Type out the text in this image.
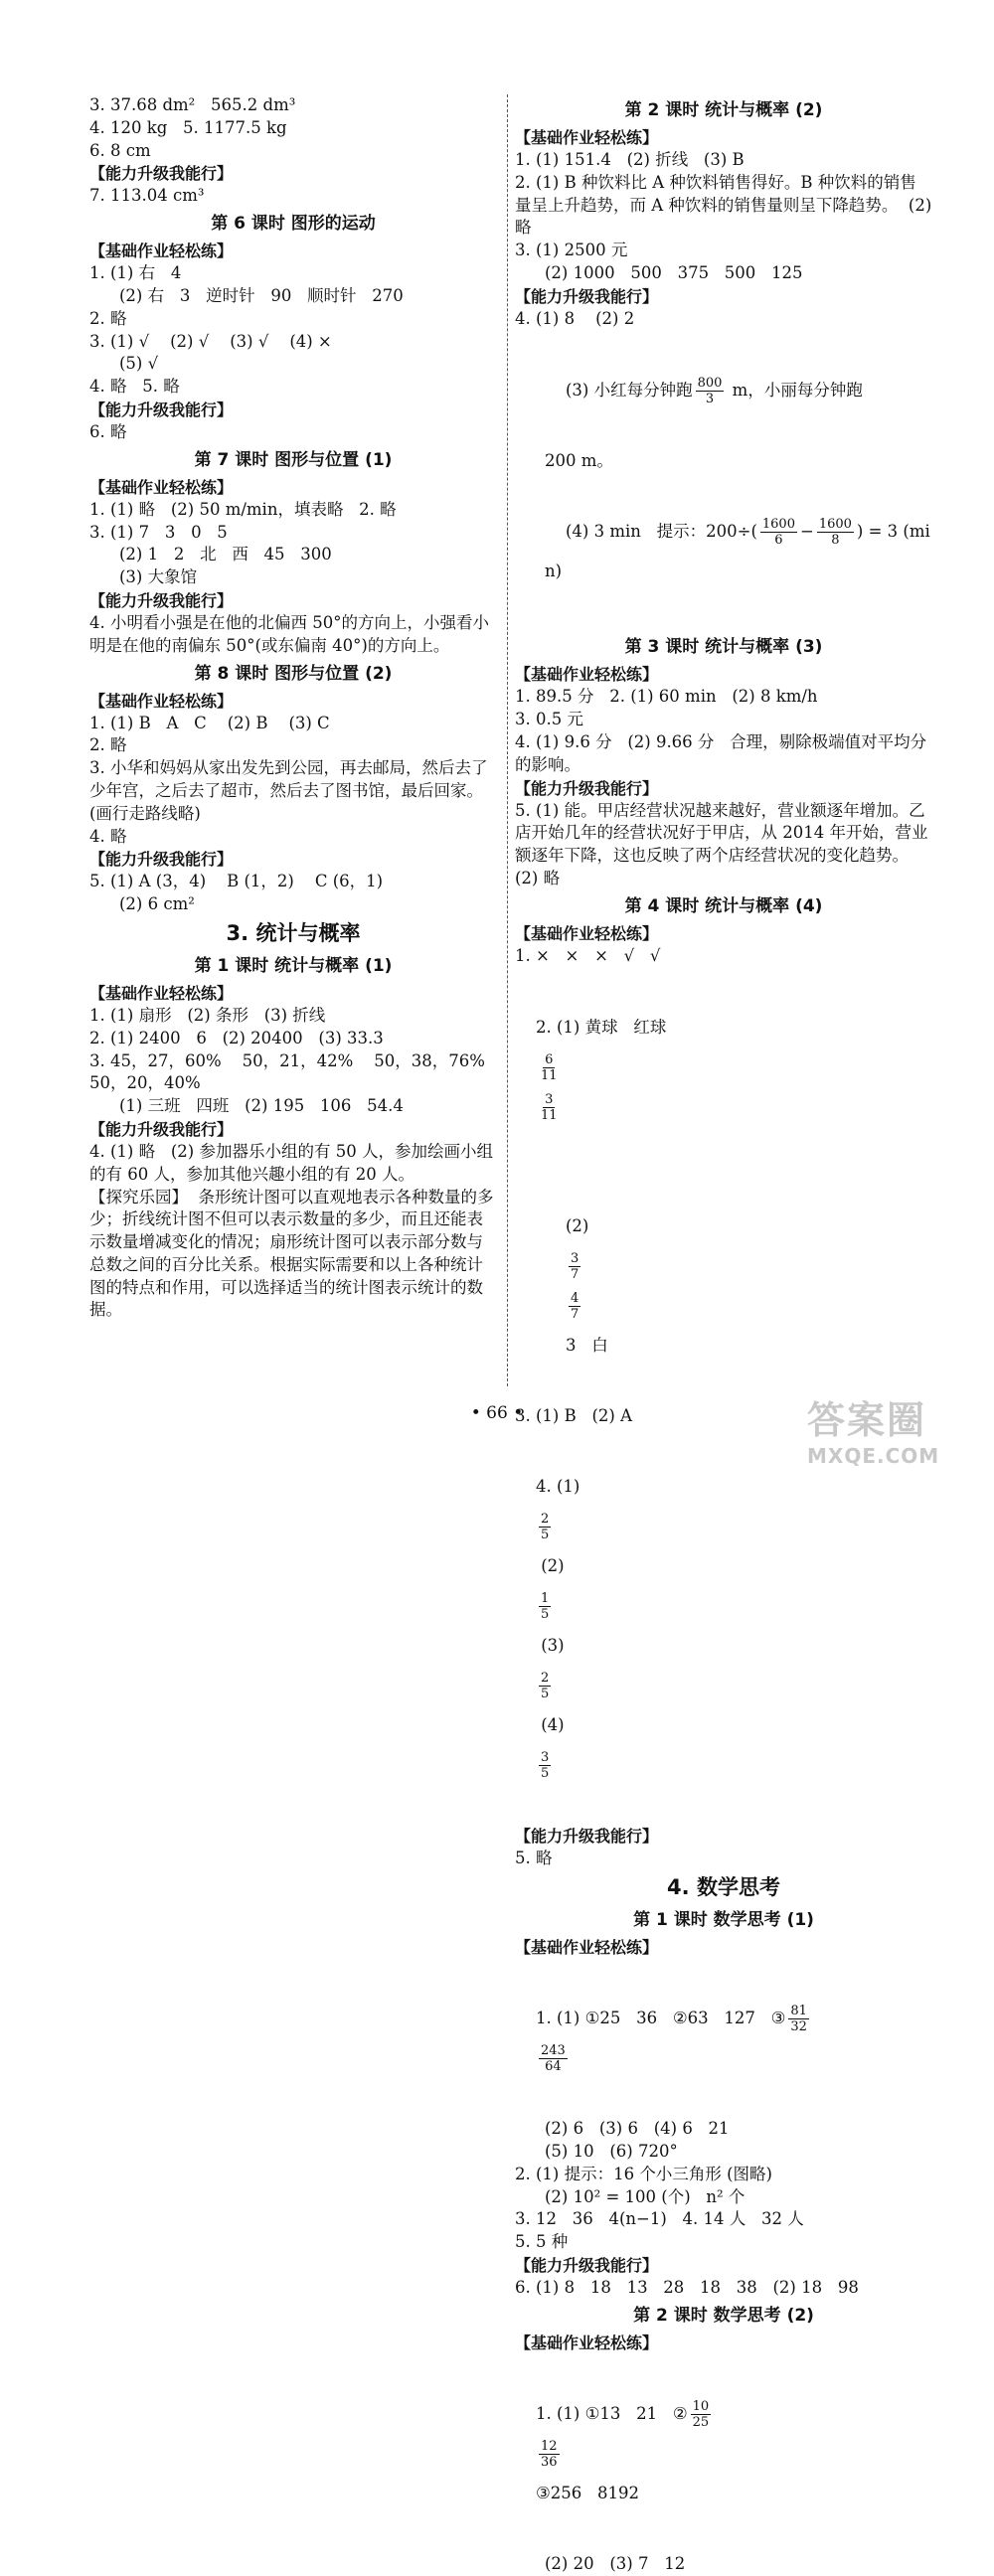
3. 37.68 dm²   565.2 dm³
4. 120 kg   5. 1177.5 kg
6. 8 cm
【能力升级我能行】
7. 113.04 cm³
第 6 课时 图形的运动
【基础作业轻松练】
1. (1) 右   4
(2) 右   3   逆时针   90   顺时针   270
2. 略
3. (1) √    (2) √    (3) √    (4) ×
(5) √
4. 略   5. 略
【能力升级我能行】
6. 略
第 7 课时 图形与位置 (1)
【基础作业轻松练】
1. (1) 略   (2) 50 m/min，填表略   2. 略
3. (1) 7   3   0   5
(2) 1   2   北   西   45   300
(3) 大象馆
【能力升级我能行】
4. 小明看小强是在他的北偏西 50°的方向上，小强看小明是在他的南偏东 50°(或东偏南 40°)的方向上。
第 8 课时 图形与位置 (2)
【基础作业轻松练】
1. (1) B   A   C    (2) B    (3) C
2. 略
3. 小华和妈妈从家出发先到公园，再去邮局，然后去了少年宫，之后去了超市，然后去了图书馆，最后回家。(画行走路线略)
4. 略
【能力升级我能行】
5. (1) A (3，4)    B (1，2)    C (6，1)
(2) 6 cm²
3. 统计与概率
第 1 课时 统计与概率 (1)
【基础作业轻松练】
1. (1) 扇形   (2) 条形   (3) 折线
2. (1) 2400   6   (2) 20400   (3) 33.3
3. 45，27，60%    50，21，42%    50，38，76%    50，20，40%
(1) 三班   四班   (2) 195   106   54.4
【能力升级我能行】
4. (1) 略   (2) 参加器乐小组的有 50 人，参加绘画小组的有 60 人，参加其他兴趣小组的有 20 人。
【探究乐园】  条形统计图可以直观地表示各种数量的多少；折线统计图不但可以表示数量的多少，而且还能表示数量增减变化的情况；扇形统计图可以表示部分数与总数之间的百分比关系。根据实际需要和以上各种统计图的特点和作用，可以选择适当的统计图表示统计的数据。
第 2 课时 统计与概率 (2)
【基础作业轻松练】
1. (1) 151.4   (2) 折线   (3) B
2. (1) B 种饮料比 A 种饮料销售得好。B 种饮料的销售量呈上升趋势，而 A 种饮料的销售量则呈下降趋势。  (2) 略
3. (1) 2500 元
(2) 1000   500   375   500   125
【能力升级我能行】
4. (1) 8    (2) 2

(3) 小红每分钟跑 $\frac{800}{3}$ m，小丽每分钟跑

200 m。

(4) 3 min   提示：$200\div( \frac{1600}{6} - \frac{1600}{8}$ ) = 3 (min)

第 3 课时 统计与概率 (3)
【基础作业轻松练】
1. 89.5 分   2. (1) 60 min   (2) 8 km/h
3. 0.5 元
4. (1) 9.6 分   (2) 9.66 分   合理，剔除极端值对平均分的影响。
【能力升级我能行】
5. (1) 能。甲店经营状况越来越好，营业额逐年增加。乙店开始几年的经营状况好于甲店，从 2014 年开始，营业额逐年下降，这也反映了两个店经营状况的变化趋势。  (2) 略
第 4 课时 统计与概率 (4)
【基础作业轻松练】
1. ×   ×   ×   √   √

2. (1) 黄球   红球

$\frac{6}{11}$

$\frac{3}{11}$

(2)

$\frac{3}{7}$

$\frac{4}{7}$

3   白

3. (1) B   (2) A

4. (1)

$\frac{2}{5}$

(2)

$\frac{1}{5}$

(3)

$\frac{2}{5}$

(4)

$\frac{3}{5}$

【能力升级我能行】
5. 略
4. 数学思考
第 1 课时 数学思考 (1)
【基础作业轻松练】

1. (1) ①25   36   ②63   127   ③ $\frac{81}{32}$

$\frac{243}{64}$

(2) 6   (3) 6   (4) 6   21
(5) 10   (6) 720°
2. (1) 提示：16 个小三角形 (图略)
(2) 10² = 100 (个)   n² 个
3. 12   36   4(n−1)   4. 14 人   32 人
5. 5 种
【能力升级我能行】
6. (1) 8   18   13   28   18   38   (2) 18   98
第 2 课时 数学思考 (2)
【基础作业轻松练】

1. (1) ①13   21   ② $\frac{10}{25}$

$\frac{12}{36}$

③256   8192

(2) 20   (3) 7   12
• 66 •	答案圈
MXQE.COM
